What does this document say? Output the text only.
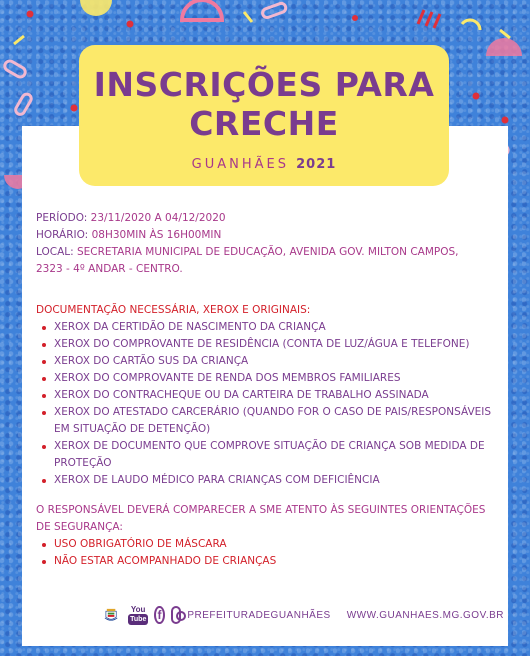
INSCRIÇÕES PARA CRECHE
GUANHÃES 2021
PERÍODO: 23/11/2020 A 04/12/2020
HORÁRIO: 08H30MIN ÀS 16H00MIN
LOCAL: SECRETARIA MUNICIPAL DE EDUCAÇÃO, AVENIDA GOV. MILTON CAMPOS, 2323 - 4º ANDAR - CENTRO.
DOCUMENTAÇÃO NECESSÁRIA, XEROX E ORIGINAIS:
XEROX DA CERTIDÃO DE NASCIMENTO DA CRIANÇA
XEROX DO COMPROVANTE DE RESIDÊNCIA (CONTA DE LUZ/ÁGUA E TELEFONE)
XEROX DO CARTÃO SUS DA CRIANÇA
XEROX DO COMPROVANTE DE RENDA DOS MEMBROS FAMILIARES
XEROX DO CONTRACHEQUE OU DA CARTEIRA DE TRABALHO ASSINADA
XEROX DO ATESTADO CARCERÁRIO (QUANDO FOR O CASO DE PAIS/RESPONSÁVEIS EM SITUAÇÃO DE DETENÇÃO)
XEROX DE DOCUMENTO QUE COMPROVE SITUAÇÃO DE CRIANÇA SOB MEDIDA DE PROTEÇÃO
XEROX DE LAUDO MÉDICO PARA CRIANÇAS COM DEFICIÊNCIA
O RESPONSÁVEL DEVERÁ COMPARECER A SME ATENTO ÀS SEGUINTES ORIENTAÇÕES DE SEGURANÇA:
USO OBRIGATÓRIO DE MÁSCARA
NÃO ESTAR ACOMPANHADO DE CRIANÇAS
You
Tube f	PREFEITURADEGUANHÃES WWW.GUANHAES.MG.GOV.BR
